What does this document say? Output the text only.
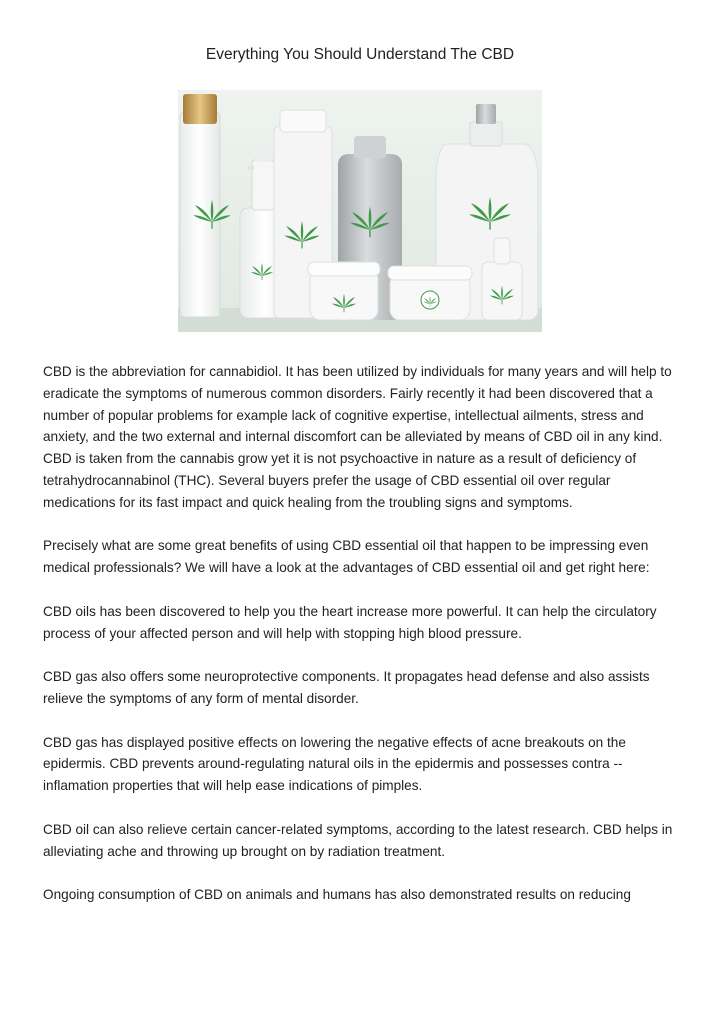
Everything You Should Understand The CBD

CBD is the abbreviation for cannabidiol. It has been utilized by individuals for many years and will help to eradicate the symptoms of numerous common disorders. Fairly recently it had been discovered that a number of popular problems for example lack of cognitive expertise, intellectual ailments, stress and anxiety, and the two external and internal discomfort can be alleviated by means of CBD oil in any kind. CBD is taken from the cannabis grow yet it is not psychoactive in nature as a result of deficiency of tetrahydrocannabinol (THC). Several buyers prefer the usage of CBD essential oil over regular medications for its fast impact and quick healing from the troubling signs and symptoms.

Precisely what are some great benefits of using CBD essential oil that happen to be impressing even medical professionals? We will have a look at the advantages of CBD essential oil and get right here:

CBD oils has been discovered to help you the heart increase more powerful. It can help the circulatory process of your affected person and will help with stopping high blood pressure.

CBD gas also offers some neuroprotective components. It propagates head defense and also assists relieve the symptoms of any form of mental disorder.

CBD gas has displayed positive effects on lowering the negative effects of acne breakouts on the epidermis. CBD prevents around-regulating natural oils in the epidermis and possesses contra -- inflamation properties that will help ease indications of pimples.

CBD oil can also relieve certain cancer-related symptoms, according to the latest research. CBD helps in alleviating ache and throwing up brought on by radiation treatment.

Ongoing consumption of CBD on animals and humans has also demonstrated results on reducing
